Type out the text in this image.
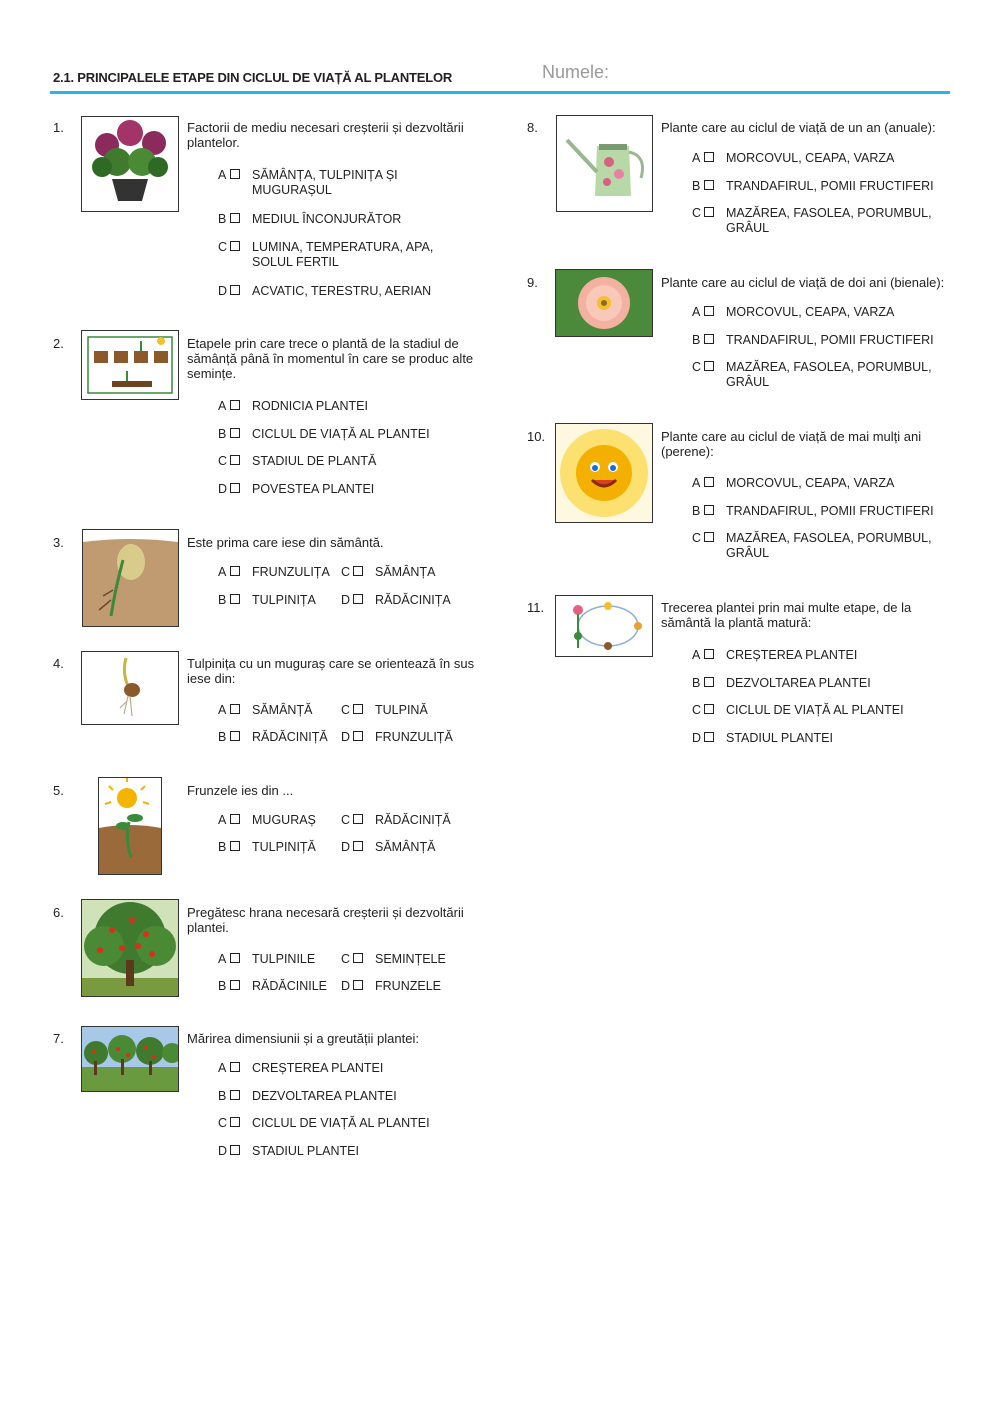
2.1. PRINCIPALELE ETAPE DIN CICLUL DE VIAȚĂ AL PLANTELOR	Numele:
1.	Factorii de mediu necesari creșterii și dezvoltării plantelor.
A SĂMÂNȚA, TULPINIȚA ȘI MUGURAȘUL
B MEDIUL ÎNCONJURĂTOR
C LUMINA, TEMPERATURA, APA, SOLUL FERTIL
D ACVATIC, TERESTRU, AERIAN
2.	Etapele prin care trece o plantă de la stadiul de sămânță până în momentul în care se produc alte semințe.
A RODNICIA PLANTEI
B CICLUL DE VIAȚĂ AL PLANTEI
C STADIUL DE PLANTĂ
D POVESTEA PLANTEI
3.	Este prima care iese din sământă.
A FRUNZULIȚA C SĂMÂNȚA
B TULPINIȚA D RĂDĂCINIȚA
4.	Tulpinița cu un muguraș care se orientează în sus iese din:
A SĂMÂNȚĂ C TULPINĂ
B RĂDĂCINIȚĂ D FRUNZULIȚĂ
5.	Frunzele ies din ...
A MUGURAȘ C RĂDĂCINIȚĂ
B TULPINIȚĂ D SĂMÂNȚĂ
6.	Pregătesc hrana necesară creșterii și dezvoltării plantei.
A TULPINILE C SEMINȚELE
B RĂDĂCINILE D FRUNZELE
7.	Mărirea dimensiunii și a greutății plantei:
A CREȘTEREA PLANTEI
B DEZVOLTAREA PLANTEI
C CICLUL DE VIAȚĂ AL PLANTEI
D STADIUL PLANTEI
8.	Plante care au ciclul de viață de un an (anuale):
A MORCOVUL, CEAPA, VARZA
B TRANDAFIRUL, POMII FRUCTIFERI
C MAZĂREA, FASOLEA, PORUMBUL, GRÂUL
9.	Plante care au ciclul de viață de doi ani (bienale):
A MORCOVUL, CEAPA, VARZA
B TRANDAFIRUL, POMII FRUCTIFERI
C MAZĂREA, FASOLEA, PORUMBUL, GRÂUL
10.	Plante care au ciclul de viață de mai mulți ani (perene):
A MORCOVUL, CEAPA, VARZA
B TRANDAFIRUL, POMII FRUCTIFERI
C MAZĂREA, FASOLEA, PORUMBUL, GRÂUL
11.	Trecerea plantei prin mai multe etape, de la sământă la plantă matură:
A CREȘTEREA PLANTEI
B DEZVOLTAREA PLANTEI
C CICLUL DE VIAȚĂ AL PLANTEI
D STADIUL PLANTEI
